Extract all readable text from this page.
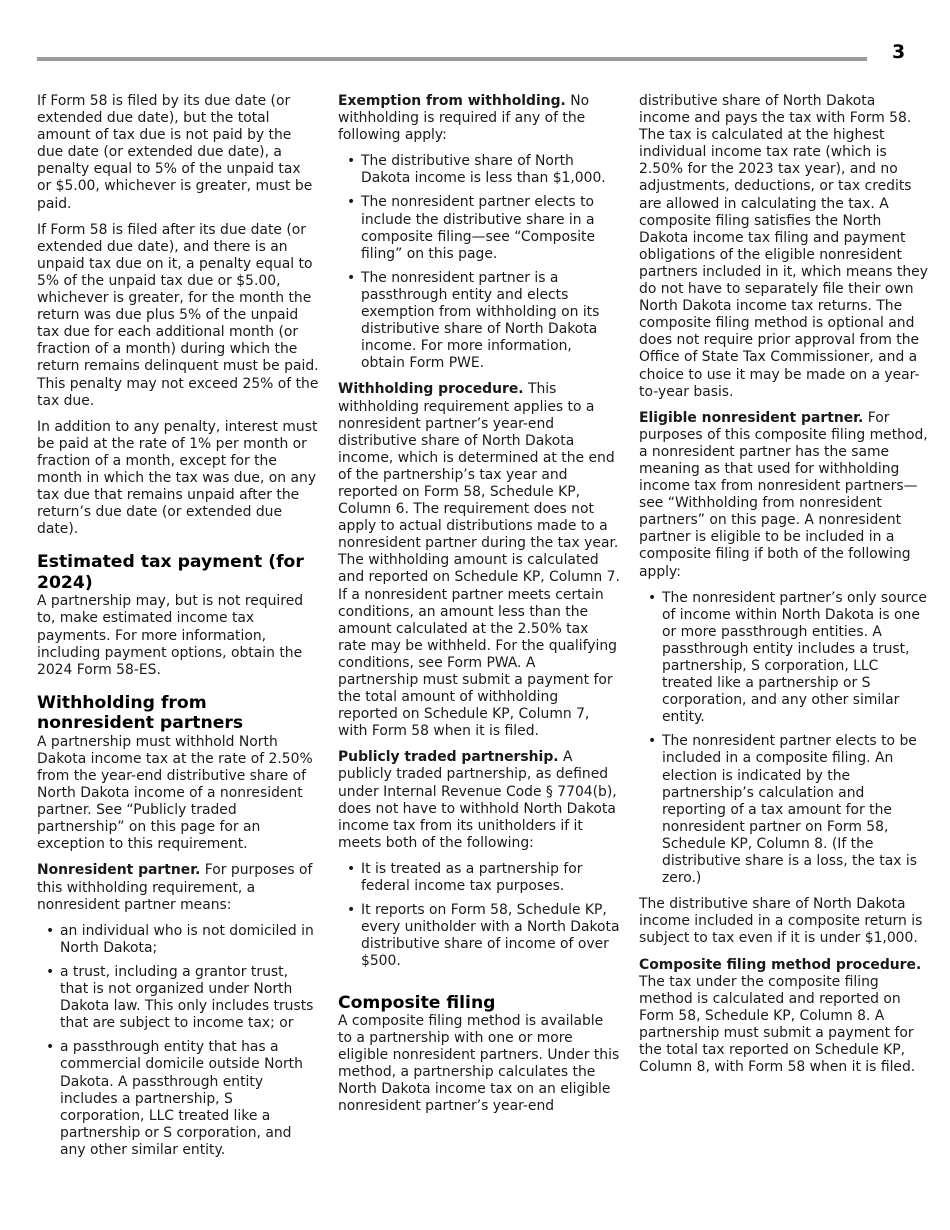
3

If Form 58 is filed by its due date (or extended due date), but the total amount of tax due is not paid by the due date (or extended due date), a penalty equal to 5% of the unpaid tax or $5.00, whichever is greater, must be paid.

If Form 58 is filed after its due date (or extended due date), and there is an unpaid tax due on it, a penalty equal to 5% of the unpaid tax due or $5.00, whichever is greater, for the month the return was due plus 5% of the unpaid tax due for each additional month (or fraction of a month) during which the return remains delinquent must be paid. This penalty may not exceed 25% of the tax due.

In addition to any penalty, interest must be paid at the rate of 1% per month or fraction of a month, except for the month in which the tax was due, on any tax due that remains unpaid after the return’s due date (or extended due date).

Estimated tax payment (for 2024)

A partnership may, but is not required to, make estimated income tax payments. For more information, including payment options, obtain the 2024 Form 58-ES.

Withholding from nonresident partners

A partnership must withhold North Dakota income tax at the rate of 2.50% from the year-end distributive share of North Dakota income of a nonresident partner. See “Publicly traded partnership” on this page for an exception to this requirement.

Nonresident partner. For purposes of this withholding requirement, a nonresident partner means:

• an individual who is not domiciled in North Dakota;
• a trust, including a grantor trust, that is not organized under North Dakota law. This only includes trusts that are subject to income tax; or
• a passthrough entity that has a commercial domicile outside North Dakota. A passthrough entity includes a partnership, S corporation, LLC treated like a partnership or S corporation, and any other similar entity.

Exemption from withholding. No withholding is required if any of the following apply:

• The distributive share of North Dakota income is less than $1,000.
• The nonresident partner elects to include the distributive share in a composite filing—see “Composite filing” on this page.
• The nonresident partner is a passthrough entity and elects exemption from withholding on its distributive share of North Dakota income. For more information, obtain Form PWE.

Withholding procedure. This withholding requirement applies to a nonresident partner’s year-end distributive share of North Dakota income, which is determined at the end of the partnership’s tax year and reported on Form 58, Schedule KP, Column 6. The requirement does not apply to actual distributions made to a nonresident partner during the tax year. The withholding amount is calculated and reported on Schedule KP, Column 7. If a nonresident partner meets certain conditions, an amount less than the amount calculated at the 2.50% tax rate may be withheld. For the qualifying conditions, see Form PWA. A partnership must submit a payment for the total amount of withholding reported on Schedule KP, Column 7, with Form 58 when it is filed.

Publicly traded partnership. A publicly traded partnership, as defined under Internal Revenue Code § 7704(b), does not have to withhold North Dakota income tax from its unitholders if it meets both of the following:

• It is treated as a partnership for federal income tax purposes.
• It reports on Form 58, Schedule KP, every unitholder with a North Dakota distributive share of income of over $500.
Composite filing

A composite filing method is available to a partnership with one or more eligible nonresident partners. Under this method, a partnership calculates the North Dakota income tax on an eligible nonresident partner’s year-end

distributive share of North Dakota income and pays the tax with Form 58. The tax is calculated at the highest individual income tax rate (which is 2.50% for the 2023 tax year), and no adjustments, deductions, or tax credits are allowed in calculating the tax. A composite filing satisfies the North Dakota income tax filing and payment obligations of the eligible nonresident partners included in it, which means they do not have to separately file their own North Dakota income tax returns. The composite filing method is optional and does not require prior approval from the Office of State Tax Commissioner, and a choice to use it may be made on a year-to-year basis.

Eligible nonresident partner. For purposes of this composite filing method, a nonresident partner has the same meaning as that used for withholding income tax from nonresident partners—see “Withholding from nonresident partners” on this page. A nonresident partner is eligible to be included in a composite filing if both of the following apply:

• The nonresident partner’s only source of income within North Dakota is one or more passthrough entities. A passthrough entity includes a trust, partnership, S corporation, LLC treated like a partnership or S corporation, and any other similar entity.
• The nonresident partner elects to be included in a composite filing. An election is indicated by the partnership’s calculation and reporting of a tax amount for the nonresident partner on Form 58, Schedule KP, Column 8. (If the distributive share is a loss, the tax is zero.)

The distributive share of North Dakota income included in a composite return is subject to tax even if it is under $1,000.

Composite filing method procedure. The tax under the composite filing method is calculated and reported on Form 58, Schedule KP, Column 8. A partnership must submit a payment for the total tax reported on Schedule KP, Column 8, with Form 58 when it is filed.
